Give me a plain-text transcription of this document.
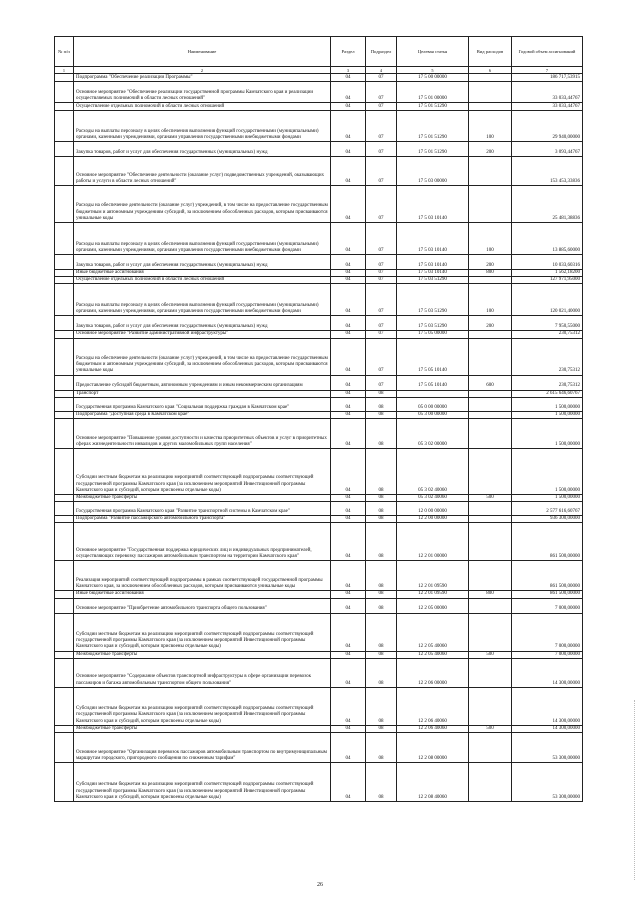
№ п/п	Наименование	Раздел	Подраздел	Целевая статья	Вид расходов	Годовой объем ассигнований
1	2	3	4	5	6	7
	Подпрограмма "Обеспечение реализации Программы"	04	07	17 5 00 00000		186 717,53915
	Основное мероприятие "Обеспечение реализации государственной программы Камчатского края и реализации осуществляемых полномочий в области лесных отношений"	04	07	17 5 01 00000		33 033,44767
	Осуществление отдельных полномочий в области лесных отношений	04	07	17 5 01 51290		33 033,44767
	Расходы на выплаты персоналу в целях обеспечения выполнения функций государственными (муниципальными) органами, казенными учреждениями, органами управления государственными внебюджетными фондами	04	07	17 5 01 51290	100	29 940,00000
	Закупка товаров, работ и услуг для обеспечения государственных (муниципальных) нужд	04	07	17 5 01 51290	200	3 093,44767
	Основное мероприятие "Обеспечение деятельности (оказание услуг) подведомственных учреждений, оказывающих работы и услуги в области лесных отношений"	04	07	17 5 03 00000		153 453,33836
	Расходы на обеспечение деятельности (оказание услуг) учреждений, в том числе на предоставление государственным бюджетным и автономным учреждениям субсидий, за исключением обособленных расходов, которым присваиваются уникальные коды	04	07	17 5 03 10140		25 481,38836
	Расходы на выплаты персоналу в целях обеспечения выполнения функций государственными (муниципальными) органами, казенными учреждениями, органами управления государственными внебюджетными фондами	04	07	17 5 03 10140	100	13 885,60000
	Закупка товаров, работ и услуг для обеспечения государственных (муниципальных) нужд	04	07	17 5 03 10140	200	10 033,60316
	Иные бюджетные ассигнования	04	07	17 5 03 10140	800	1 562,18200
	Осуществление отдельных полномочий в области лесных отношений	04	07	17 5 03 51290		127 971,95000
	Расходы на выплаты персоналу в целях обеспечения выполнения функций государственными (муниципальными) органами, казенными учреждениями, органами управления государственными внебюджетными фондами	04	07	17 5 03 51290	100	120 021,40000
	Закупка товаров, работ и услуг для обеспечения государственных (муниципальных) нужд	04	07	17 5 03 51290	200	7 950,55000
	Основное мероприятие "Развитие административной инфраструктуры"	04	07	17 5 05 00000		230,75312
	Расходы на обеспечение деятельности (оказание услуг) учреждений, в том числе на предоставление государственным бюджетным и автономным учреждениям субсидий, за исключением обособленных расходов, которым присваиваются уникальные коды	04	07	17 5 05 10140		230,75312
	Предоставление субсидий бюджетным, автономным учреждениям и иным некоммерческим организациям	04	07	17 5 05 10140	600	230,75312
	Транспорт	04	08			2 615 646,60767
	Государственная программа Камчатского края "Социальная поддержка граждан в Камчатском крае"	04	08	05 0 00 00000		1 500,00000
	Подпрограмма "Доступная среда в Камчатском крае"	04	08	05 3 00 00000		1 500,00000
	Основное мероприятие "Повышение уровня доступности и качества приоритетных объектов и услуг в приоритетных сферах жизнедеятельности инвалидов и других маломобильных групп населения"	04	08	05 3 02 00000		1 500,00000
	Субсидии местным бюджетам на реализацию мероприятий соответствующей подпрограммы соответствующей государственной программы Камчатского края (за исключением мероприятий Инвестиционной программы Камчатского края и субсидий, которым присвоены отдельные коды)	04	08	05 3 02 40060		1 500,00000
	Межбюджетные трансферты	04	08	05 3 02 40060	500	1 500,00000
	Государственная программа Камчатского края "Развитие транспортной системы в Камчатском крае"	04	08	12 0 00 00000		2 577 616,60767
	Подпрограмма "Развитие пассажирского автомобильного транспорта"	04	08	12 2 00 00000		936 300,00000
	Основное мероприятие "Государственная поддержка юридических лиц и индивидуальных предпринимателей, осуществляющих перевозку пассажиров автомобильным транспортом на территории Камчатского края"	04	08	12 2 01 00000		861 500,00000
	Реализация мероприятий соответствующей подпрограммы в рамках соответствующей государственной программы Камчатского края, за исключением обособленных расходов, которым присваиваются уникальные коды	04	08	12 2 01 09590		861 500,00000
	Иные бюджетные ассигнования	04	08	12 2 01 09590	800	861 500,00000
	Основное мероприятие "Приобретение автомобильного транспорта общего пользования"	04	08	12 2 05 00000		7 000,00000
	Субсидии местным бюджетам на реализацию мероприятий соответствующей подпрограммы соответствующей государственной программы Камчатского края (за исключением мероприятий Инвестиционной программы Камчатского края и субсидий, которым присвоены отдельные коды)	04	08	12 2 05 40060		7 000,00000
	Межбюджетные трансферты	04	08	12 2 05 40060	500	7 000,00000
	Основное мероприятие "Содержание объектов транспортной инфраструктуры в сфере организации перевозок пассажиров и багажа автомобильным транспортом общего пользования"	04	08	12 2 06 00000		14 300,00000
	Субсидии местным бюджетам на реализацию мероприятий соответствующей подпрограммы соответствующей государственной программы Камчатского края (за исключением мероприятий Инвестиционной программы Камчатского края и субсидий, которым присвоены отдельные коды)	04	08	12 2 06 40060		14 300,00000
	Межбюджетные трансферты	04	08	12 2 06 40060	500	14 300,00000
	Основное мероприятие "Организация перевозок пассажиров автомобильным транспортом по внутримуниципальным маршрутам городского, пригородного сообщения по сниженным тарифам"	04	08	12 2 08 00000		53 300,00000
	Субсидии местным бюджетам на реализацию мероприятий соответствующей подпрограммы соответствующей государственной программы Камчатского края (за исключением мероприятий Инвестиционной программы Камчатского края и субсидий, которым присвоены отдельные коды)	04	08	12 2 08 40060		53 300,00000
26
